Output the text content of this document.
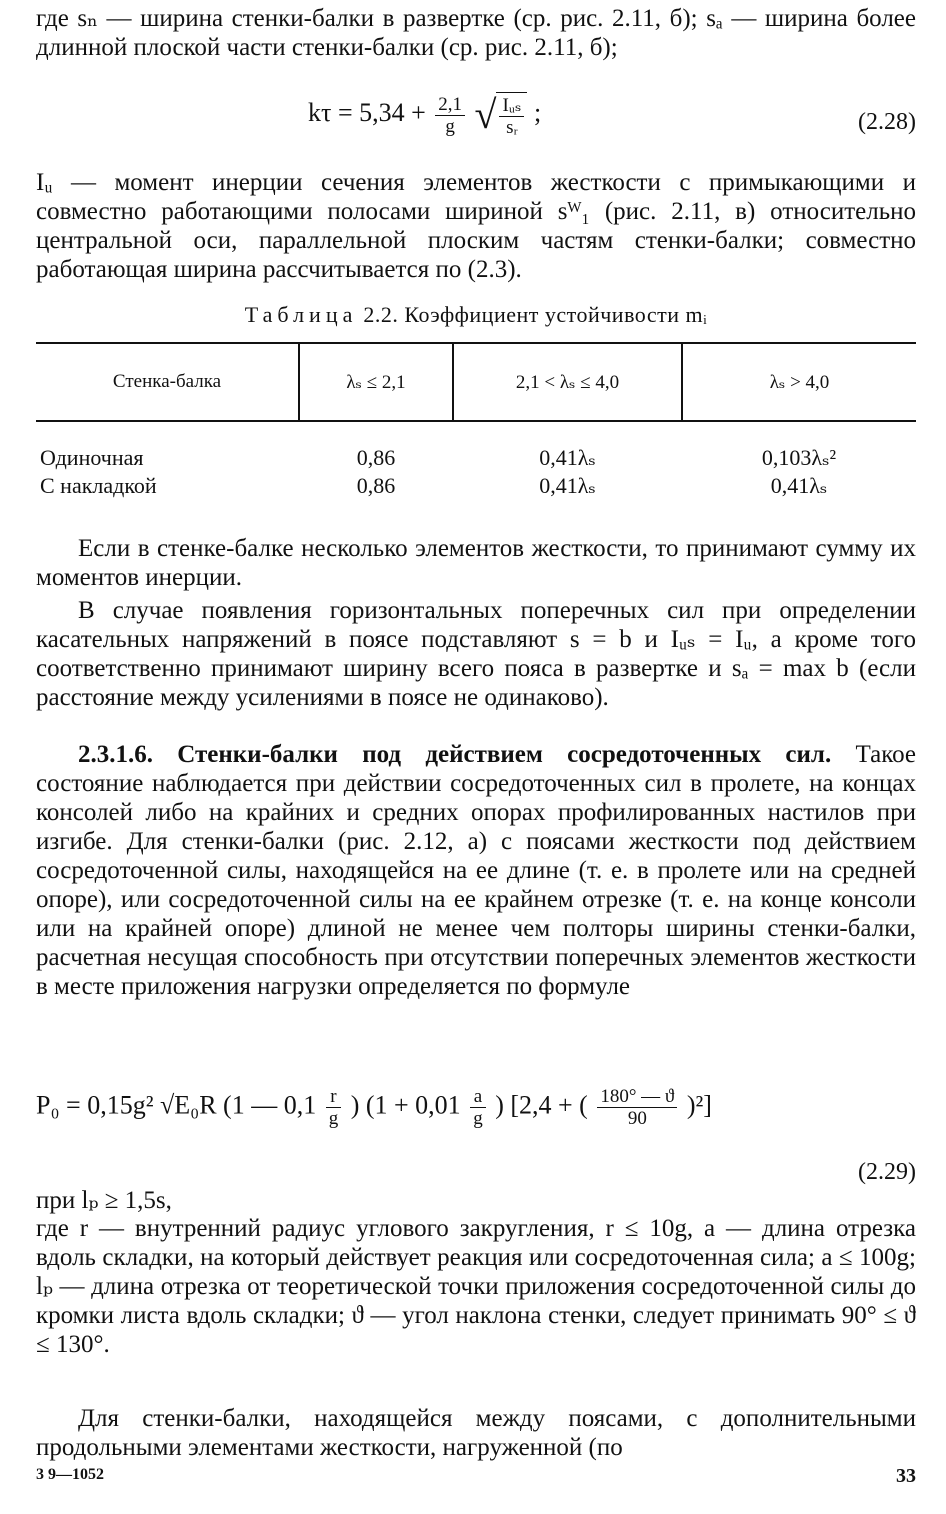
где sₙ — ширина стенки-балки в развертке (ср. рис. 2.11, б); sₐ — ширина более длинной плоской части стенки-балки (ср. рис. 2.11, б);

$k\tau = 5,34 + \frac{2,1}{g}$ √ $\frac{\text{Iᵤₛ}}{\text{sᵣ}}$ ;	(2.28)

Iᵤ — момент инерции сечения элементов жесткости с примыкающими и совместно работающими полосами шириной sᵂ₁ (рис. 2.11, в) относительно центральной оси, параллельной плоским частям стенки-балки; совместно работающая ширина рассчитывается по (2.3).

Таблица 2.2. Коэффициент устойчивости mᵢ
Стенка-балка	λₛ ≤ 2,1	2,1 < λₛ ≤ 4,0	λₛ > 4,0
Одиночная	0,86	0,41λₛ	0,103λₛ²
С накладкой	0,86	0,41λₛ	0,41λₛ

Если в стенке-балке несколько элементов жесткости, то принимают сумму их моментов инерции.

В случае появления горизонтальных поперечных сил при определении касательных напряжений в поясе подставляют s = b и Iᵤₛ = Iᵤ, а кроме того соответственно принимают ширину всего пояса в развертке и sₐ = max b (если расстояние между усилениями в поясе не одинаково).

2.3.1.6. Стенки-балки под действием сосредоточенных сил. Такое состояние наблюдается при действии сосредоточенных сил в пролете, на концах консолей либо на крайних и средних опорах профилированных настилов при изгибе. Для стенки-балки (рис. 2.12, а) с поясами жесткости под действием сосредоточенной силы, находящейся на ее длине (т. е. в пролете или на средней опоре), или сосредоточенной силы на ее крайнем отрезке (т. е. на конце консоли или на крайней опоре) длиной не менее чем полторы ширины стенки-балки, расчетная несущая способность при отсутствии поперечных элементов жесткости в месте приложения нагрузки определяется по формуле

P₀ = 0,15g² √E₀R (1 — $0,1 \frac{r}{g}$ ) ($1 + 0,01 \frac{a}{g}$ ) [2,4 + ( $\frac{180^\circ — ϑ}{90} )^2$]
(2.29)

при lₚ ≥ 1,5s,

где r — внутренний радиус углового закругления, r ≤ 10g, a — длина отрезка вдоль складки, на который действует реакция или сосредоточенная сила; a ≤ 100g; lₚ — длина отрезка от теоретической точки приложения сосредоточенной силы до кромки листа вдоль складки; ϑ — угол наклона стенки, следует принимать 90° ≤ ϑ ≤ 130°.

Для стенки-балки, находящейся между поясами, с дополнительными продольными элементами жесткости, нагруженной (по

3 9—1052	33
